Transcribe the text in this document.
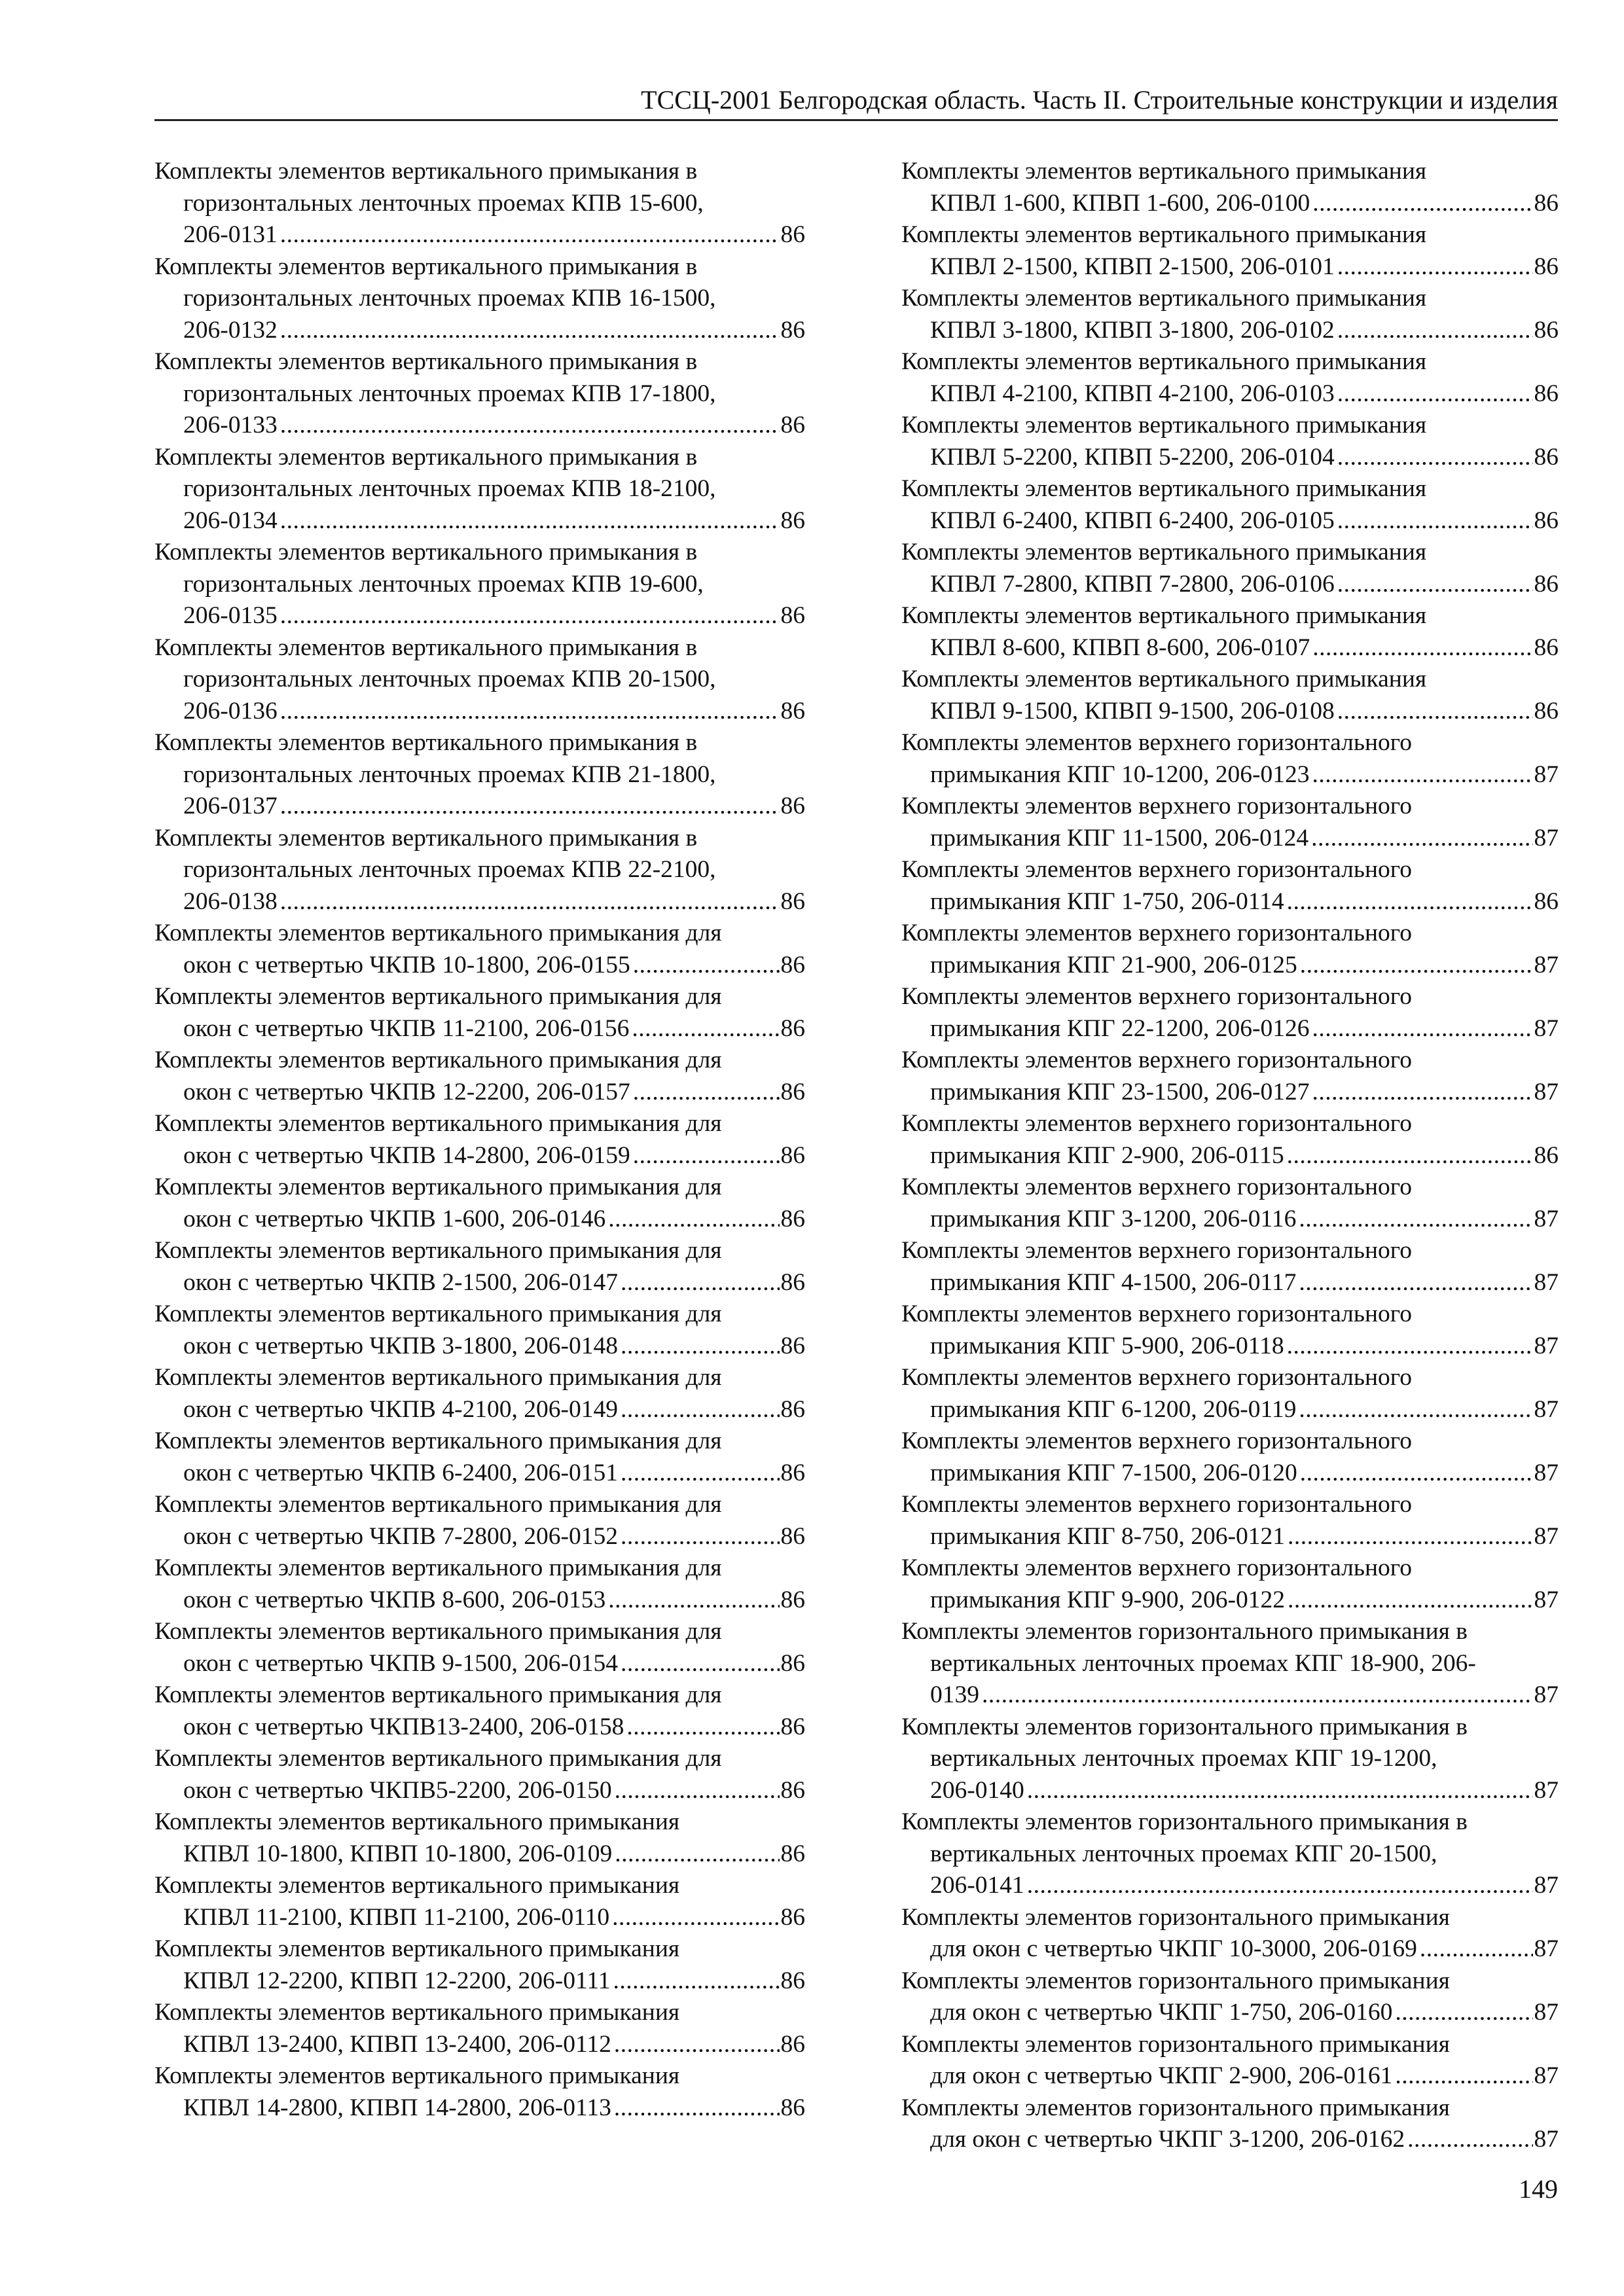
ТССЦ-2001 Белгородская область. Часть II. Строительные конструкции и изделия
Комплекты элементов вертикального примыкания в
горизонтальных ленточных проемах КПВ 15-600,
206-0131 .....	86
Комплекты элементов вертикального примыкания в
горизонтальных ленточных проемах КПВ 16-1500,
206-0132 .....	86
Комплекты элементов вертикального примыкания в
горизонтальных ленточных проемах КПВ 17-1800,
206-0133 .....	86
Комплекты элементов вертикального примыкания в
горизонтальных ленточных проемах КПВ 18-2100,
206-0134 .....	86
Комплекты элементов вертикального примыкания в
горизонтальных ленточных проемах КПВ 19-600,
206-0135 .....	86
Комплекты элементов вертикального примыкания в
горизонтальных ленточных проемах КПВ 20-1500,
206-0136 .....	86
Комплекты элементов вертикального примыкания в
горизонтальных ленточных проемах КПВ 21-1800,
206-0137 .....	86
Комплекты элементов вертикального примыкания в
горизонтальных ленточных проемах КПВ 22-2100,
206-0138 .....	86
Комплекты элементов вертикального примыкания для
окон с четвертью ЧКПВ 10-1800, 206-0155 .....	86
Комплекты элементов вертикального примыкания для
окон с четвертью ЧКПВ 11-2100, 206-0156 .....	86
Комплекты элементов вертикального примыкания для
окон с четвертью ЧКПВ 12-2200, 206-0157 .....	86
Комплекты элементов вертикального примыкания для
окон с четвертью ЧКПВ 14-2800, 206-0159 .....	86
Комплекты элементов вертикального примыкания для
окон с четвертью ЧКПВ 1-600, 206-0146 .....	86
Комплекты элементов вертикального примыкания для
окон с четвертью ЧКПВ 2-1500, 206-0147 .....	86
Комплекты элементов вертикального примыкания для
окон с четвертью ЧКПВ 3-1800, 206-0148 .....	86
Комплекты элементов вертикального примыкания для
окон с четвертью ЧКПВ 4-2100, 206-0149 .....	86
Комплекты элементов вертикального примыкания для
окон с четвертью ЧКПВ 6-2400, 206-0151 .....	86
Комплекты элементов вертикального примыкания для
окон с четвертью ЧКПВ 7-2800, 206-0152 .....	86
Комплекты элементов вертикального примыкания для
окон с четвертью ЧКПВ 8-600, 206-0153 .....	86
Комплекты элементов вертикального примыкания для
окон с четвертью ЧКПВ 9-1500, 206-0154 .....	86
Комплекты элементов вертикального примыкания для
окон с четвертью ЧКПВ13-2400, 206-0158 .....	86
Комплекты элементов вертикального примыкания для
окон с четвертью ЧКПВ5-2200, 206-0150 .....	86
Комплекты элементов вертикального примыкания
КПВЛ 10-1800, КПВП 10-1800, 206-0109 .....	86
Комплекты элементов вертикального примыкания
КПВЛ 11-2100, КПВП 11-2100, 206-0110 .....	86
Комплекты элементов вертикального примыкания
КПВЛ 12-2200, КПВП 12-2200, 206-0111 .....	86
Комплекты элементов вертикального примыкания
КПВЛ 13-2400, КПВП 13-2400, 206-0112 .....	86
Комплекты элементов вертикального примыкания
КПВЛ 14-2800, КПВП 14-2800, 206-0113 .....	86
Комплекты элементов вертикального примыкания
КПВЛ 1-600, КПВП 1-600, 206-0100 .....	86
Комплекты элементов вертикального примыкания
КПВЛ 2-1500, КПВП 2-1500, 206-0101 .....	86
Комплекты элементов вертикального примыкания
КПВЛ 3-1800, КПВП 3-1800, 206-0102 .....	86
Комплекты элементов вертикального примыкания
КПВЛ 4-2100, КПВП 4-2100, 206-0103 .....	86
Комплекты элементов вертикального примыкания
КПВЛ 5-2200, КПВП 5-2200, 206-0104 .....	86
Комплекты элементов вертикального примыкания
КПВЛ 6-2400, КПВП 6-2400, 206-0105 .....	86
Комплекты элементов вертикального примыкания
КПВЛ 7-2800, КПВП 7-2800, 206-0106 .....	86
Комплекты элементов вертикального примыкания
КПВЛ 8-600, КПВП 8-600, 206-0107 .....	86
Комплекты элементов вертикального примыкания
КПВЛ 9-1500, КПВП 9-1500, 206-0108 .....	86
Комплекты элементов верхнего горизонтального
примыкания КПГ 10-1200, 206-0123 .....	87
Комплекты элементов верхнего горизонтального
примыкания КПГ 11-1500, 206-0124 .....	87
Комплекты элементов верхнего горизонтального
примыкания КПГ 1-750, 206-0114 .....	86
Комплекты элементов верхнего горизонтального
примыкания КПГ 21-900, 206-0125 .....	87
Комплекты элементов верхнего горизонтального
примыкания КПГ 22-1200, 206-0126 .....	87
Комплекты элементов верхнего горизонтального
примыкания КПГ 23-1500, 206-0127 .....	87
Комплекты элементов верхнего горизонтального
примыкания КПГ 2-900, 206-0115 .....	86
Комплекты элементов верхнего горизонтального
примыкания КПГ 3-1200, 206-0116 .....	87
Комплекты элементов верхнего горизонтального
примыкания КПГ 4-1500, 206-0117 .....	87
Комплекты элементов верхнего горизонтального
примыкания КПГ 5-900, 206-0118 .....	87
Комплекты элементов верхнего горизонтального
примыкания КПГ 6-1200, 206-0119 .....	87
Комплекты элементов верхнего горизонтального
примыкания КПГ 7-1500, 206-0120 .....	87
Комплекты элементов верхнего горизонтального
примыкания КПГ 8-750, 206-0121 .....	87
Комплекты элементов верхнего горизонтального
примыкания КПГ 9-900, 206-0122 .....	87
Комплекты элементов горизонтального примыкания в
вертикальных ленточных проемах КПГ 18-900, 206-
0139 .....	87
Комплекты элементов горизонтального примыкания в
вертикальных ленточных проемах КПГ 19-1200,
206-0140 .....	87
Комплекты элементов горизонтального примыкания в
вертикальных ленточных проемах КПГ 20-1500,
206-0141 .....	87
Комплекты элементов горизонтального примыкания
для окон с четвертью ЧКПГ 10-3000, 206-0169 .....	87
Комплекты элементов горизонтального примыкания
для окон с четвертью ЧКПГ 1-750, 206-0160 .....	87
Комплекты элементов горизонтального примыкания
для окон с четвертью ЧКПГ 2-900, 206-0161 .....	87
Комплекты элементов горизонтального примыкания
для окон с четвертью ЧКПГ 3-1200, 206-0162 .....	87
149
